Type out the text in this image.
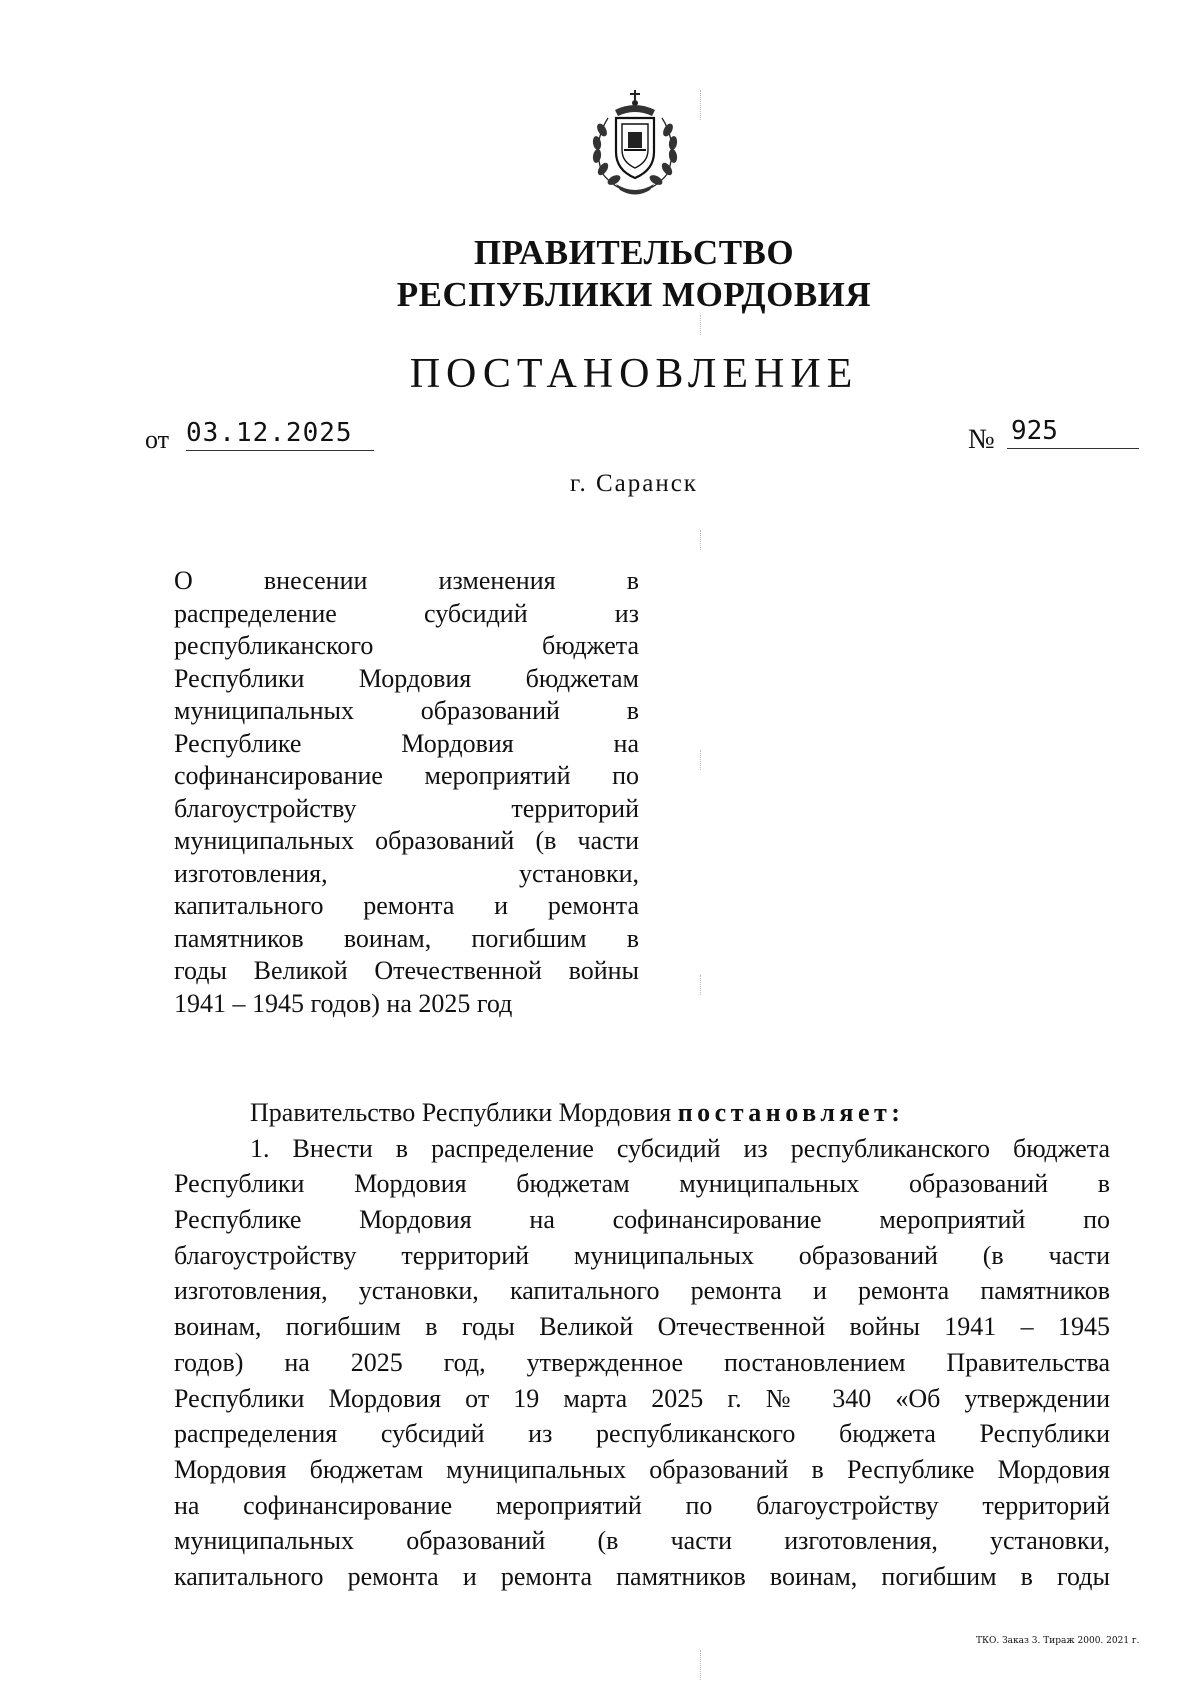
ПРАВИТЕЛЬСТВО
РЕСПУБЛИКИ МОРДОВИЯ
ПОСТАНОВЛЕНИЕ
от 03.12.2025	№ 925
г. Саранск
О внесении изменения в
распределение субсидий из
республиканского бюджета
Республики Мордовия бюджетам
муниципальных образований в
Республике Мордовия на
софинансирование мероприятий по
благоустройству территорий
муниципальных образований (в части
изготовления, установки,
капитального ремонта и ремонта
памятников воинам, погибшим в
годы Великой Отечественной войны
1941 – 1945 годов) на 2025 год
Правительство Республики Мордовия постановляет:
1. Внести в распределение субсидий из республиканского бюджета
Республики Мордовия бюджетам муниципальных образований в
Республике Мордовия на софинансирование мероприятий по
благоустройству территорий муниципальных образований (в части
изготовления, установки, капитального ремонта и ремонта памятников
воинам, погибшим в годы Великой Отечественной войны 1941 – 1945
годов) на 2025 год, утвержденное постановлением Правительства
Республики Мордовия от 19 марта 2025 г. № 340 «Об утверждении
распределения субсидий из республиканского бюджета Республики
Мордовия бюджетам муниципальных образований в Республике Мордовия
на софинансирование мероприятий по благоустройству территорий
муниципальных образований (в части изготовления, установки,
капитального ремонта и ремонта памятников воинам, погибшим в годы
ТКО. Заказ 3. Тираж 2000. 2021 г.
